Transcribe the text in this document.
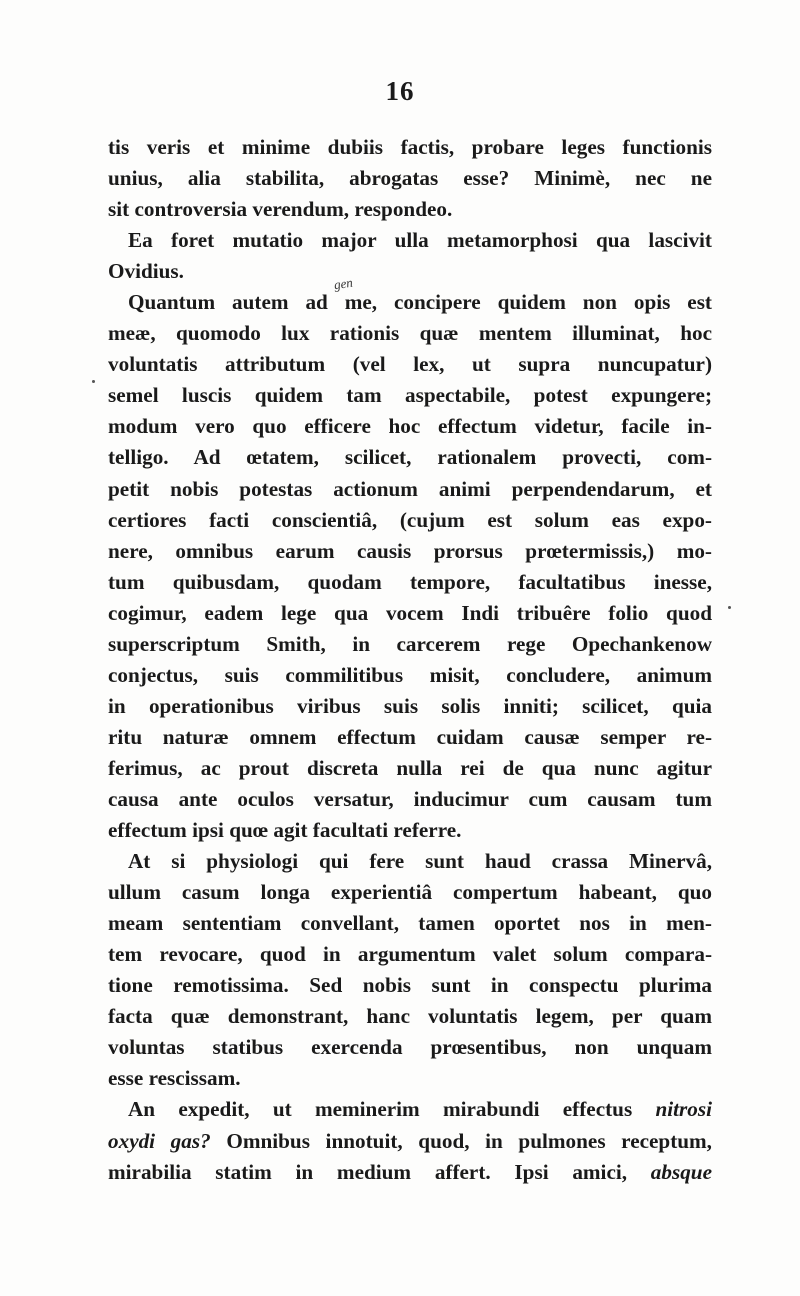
16
gen
tis veris et minime dubiis factis, probare leges functionis
unius, alia stabilita, abrogatas esse? Minimè, nec ne
sit controversia verendum, respondeo.
Ea foret mutatio major ulla metamorphosi qua lascivit
Ovidius.
Quantum autem ad me, concipere quidem non opis est
meæ, quomodo lux rationis quæ mentem illuminat, hoc
voluntatis attributum (vel lex, ut supra nuncupatur)
semel luscis quidem tam aspectabile, potest expungere;
modum vero quo efficere hoc effectum videtur, facile in-
telligo. Ad œtatem, scilicet, rationalem provecti, com-
petit nobis potestas actionum animi perpendendarum, et
certiores facti conscientiâ, (cujum est solum eas expo-
nere, omnibus earum causis prorsus prœtermissis,) mo-
tum quibusdam, quodam tempore, facultatibus inesse,
cogimur, eadem lege qua vocem Indi tribuêre folio quod
superscriptum Smith, in carcerem rege Opechankenow
conjectus, suis commilitibus misit, concludere, animum
in operationibus viribus suis solis inniti; scilicet, quia
ritu naturæ omnem effectum cuidam causæ semper re-
ferimus, ac prout discreta nulla rei de qua nunc agitur
causa ante oculos versatur, inducimur cum causam tum
effectum ipsi quœ agit facultati referre.
At si physiologi qui fere sunt haud crassa Minervâ,
ullum casum longa experientiâ compertum habeant, quo
meam sententiam convellant, tamen oportet nos in men-
tem revocare, quod in argumentum valet solum compara-
tione remotissima. Sed nobis sunt in conspectu plurima
facta quæ demonstrant, hanc voluntatis legem, per quam
voluntas statibus exercenda prœsentibus, non unquam
esse rescissam.
An expedit, ut meminerim mirabundi effectus nitrosi
oxydi gas? Omnibus innotuit, quod, in pulmones receptum,
mirabilia statim in medium affert. Ipsi amici, absque
